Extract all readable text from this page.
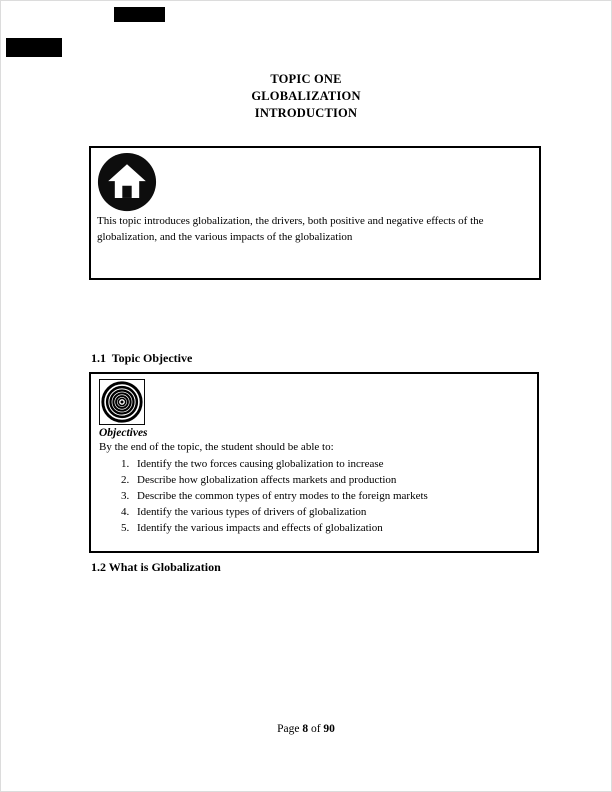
TOPIC ONE
GLOBALIZATION
INTRODUCTION
This topic introduces globalization, the drivers, both positive and negative effects of the globalization, and the various impacts of the globalization
1.1  Topic Objective
Objectives
By the end of the topic, the student should be able to:
1. Identify the two forces causing globalization to increase
2. Describe how globalization affects markets and production
3. Describe the common types of entry modes to the foreign markets
4. Identify the various types of drivers of globalization
5. Identify the various impacts and effects of globalization
1.2 What is Globalization
Page 8 of 90
